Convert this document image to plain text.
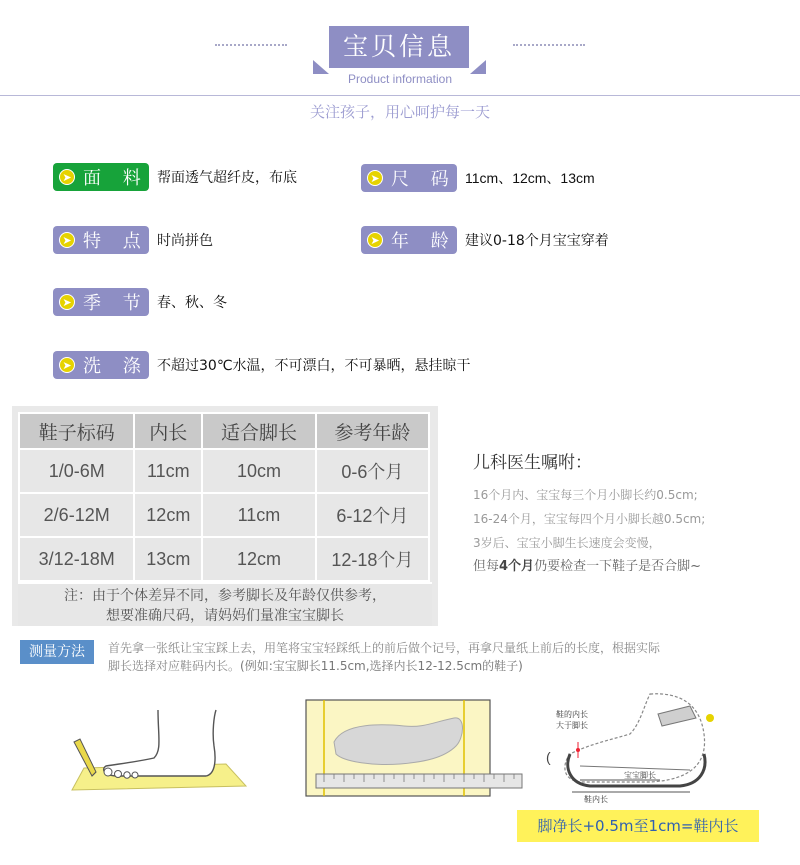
宝贝信息
Product information
关注孩子，用心呵护每一天
➤ 面 料 帮面透气超纤皮，布底	➤ 尺 码 11cm、12cm、13cm
➤ 特 点 时尚拼色	➤ 年 龄 建议0-18个月宝宝穿着
➤ 季 节 春、秋、冬
➤ 洗 涤 不超过30℃水温，不可漂白，不可暴晒，悬挂晾干
鞋子标码	内长	适合脚长	参考年龄
1/0-6M	11cm	10cm	0-6个月
2/6-12M	12cm	11cm	6-12个月
3/12-18M	13cm	12cm	12-18个月
注：由于个体差异不同，参考脚长及年龄仅供参考，
想要准确尺码，请妈妈们量准宝宝脚长
儿科医生嘱咐：
16个月内、宝宝每三个月小脚长约0.5cm;
16-24个月，宝宝每四个月小脚长越0.5cm;
3岁后、宝宝小脚生长速度会变慢，
但每4个月仍要检查一下鞋子是否合脚~
测量方法	首先拿一张纸让宝宝踩上去，用笔将宝宝轻踩纸上的前后做个记号，再拿尺量纸上前后的长度，根据实际
脚长选择对应鞋码内长。(例如:宝宝脚长11.5cm,选择内长12-12.5cm的鞋子)
(
鞋的内长
大于脚长
宝宝脚长
鞋内长
脚净长+0.5m至1cm=鞋内长
